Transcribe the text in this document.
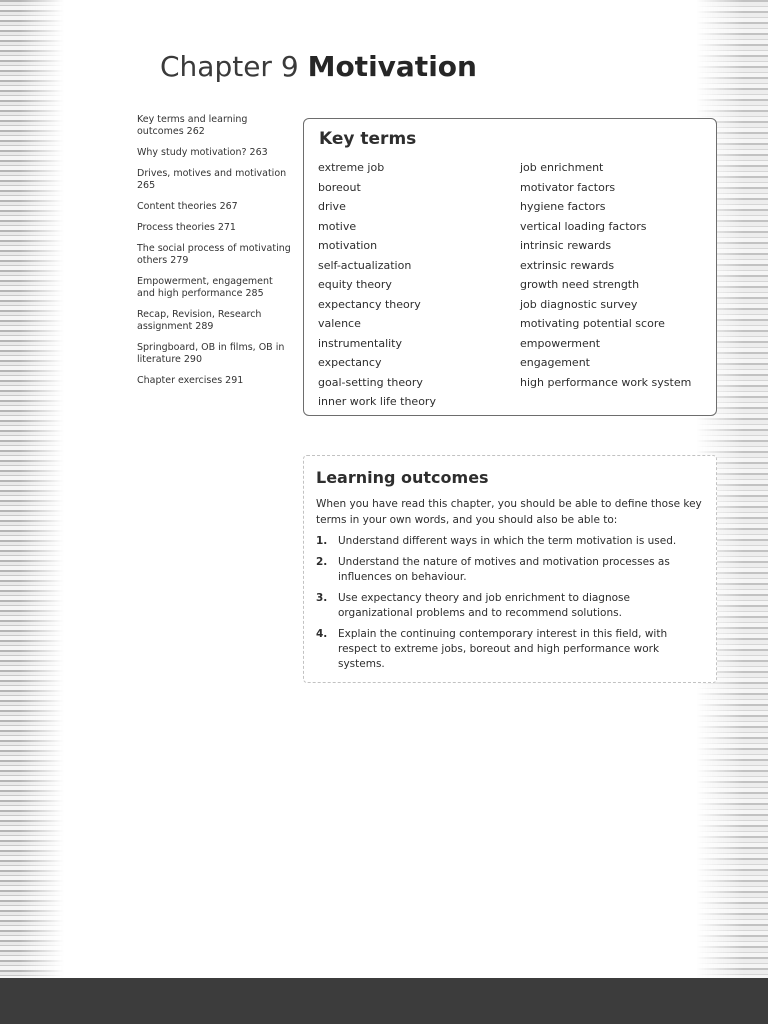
Chapter 9 Motivation
Key terms and learning outcomes 262
Why study motivation? 263
Drives, motives and motivation 265
Content theories 267
Process theories 271
The social process of motivating others 279
Empowerment, engagement and high performance 285
Recap, Revision, Research assignment 289
Springboard, OB in films, OB in literature 290
Chapter exercises 291
Key terms
extreme job
boreout
drive
motive
motivation
self-actualization
equity theory
expectancy theory
valence
instrumentality
expectancy
goal-setting theory
inner work life theory
job enrichment
motivator factors
hygiene factors
vertical loading factors
intrinsic rewards
extrinsic rewards
growth need strength
job diagnostic survey
motivating potential score
empowerment
engagement
high performance work system
Learning outcomes

When you have read this chapter, you should be able to define those key terms in your own words, and you should also be able to:

1. Understand different ways in which the term motivation is used.
2. Understand the nature of motives and motivation processes as influences on behaviour.
3. Use expectancy theory and job enrichment to diagnose organizational problems and to recommend solutions.
4. Explain the continuing contemporary interest in this field, with respect to extreme jobs, boreout and high performance work systems.
